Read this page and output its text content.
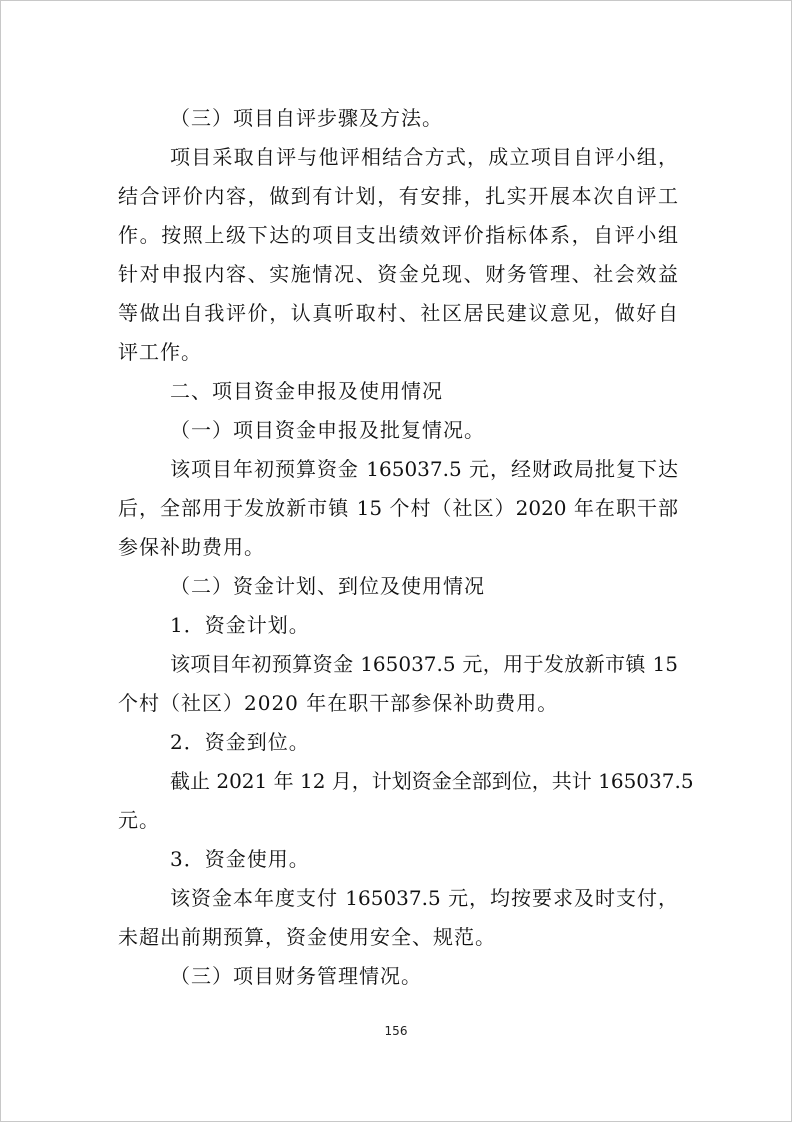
（三）项目自评步骤及方法。
项目采取自评与他评相结合方式，成立项目自评小组，
结合评价内容，做到有计划，有安排，扎实开展本次自评工
作。按照上级下达的项目支出绩效评价指标体系，自评小组
针对申报内容、实施情况、资金兑现、财务管理、社会效益
等做出自我评价，认真听取村、社区居民建议意见，做好自
评工作。
二、项目资金申报及使用情况
（一）项目资金申报及批复情况。
该项目年初预算资金 165037.5 元，经财政局批复下达
后，全部用于发放新市镇 15 个村（社区）2020 年在职干部
参保补助费用。
（二）资金计划、到位及使用情况
1．资金计划。
该项目年初预算资金 165037.5 元，用于发放新市镇 15
个村（社区）2020 年在职干部参保补助费用。
2．资金到位。
截止 2021 年 12 月，计划资金全部到位，共计 165037.5
元。
3．资金使用。
该资金本年度支付 165037.5 元，均按要求及时支付，
未超出前期预算，资金使用安全、规范。
（三）项目财务管理情况。
156
